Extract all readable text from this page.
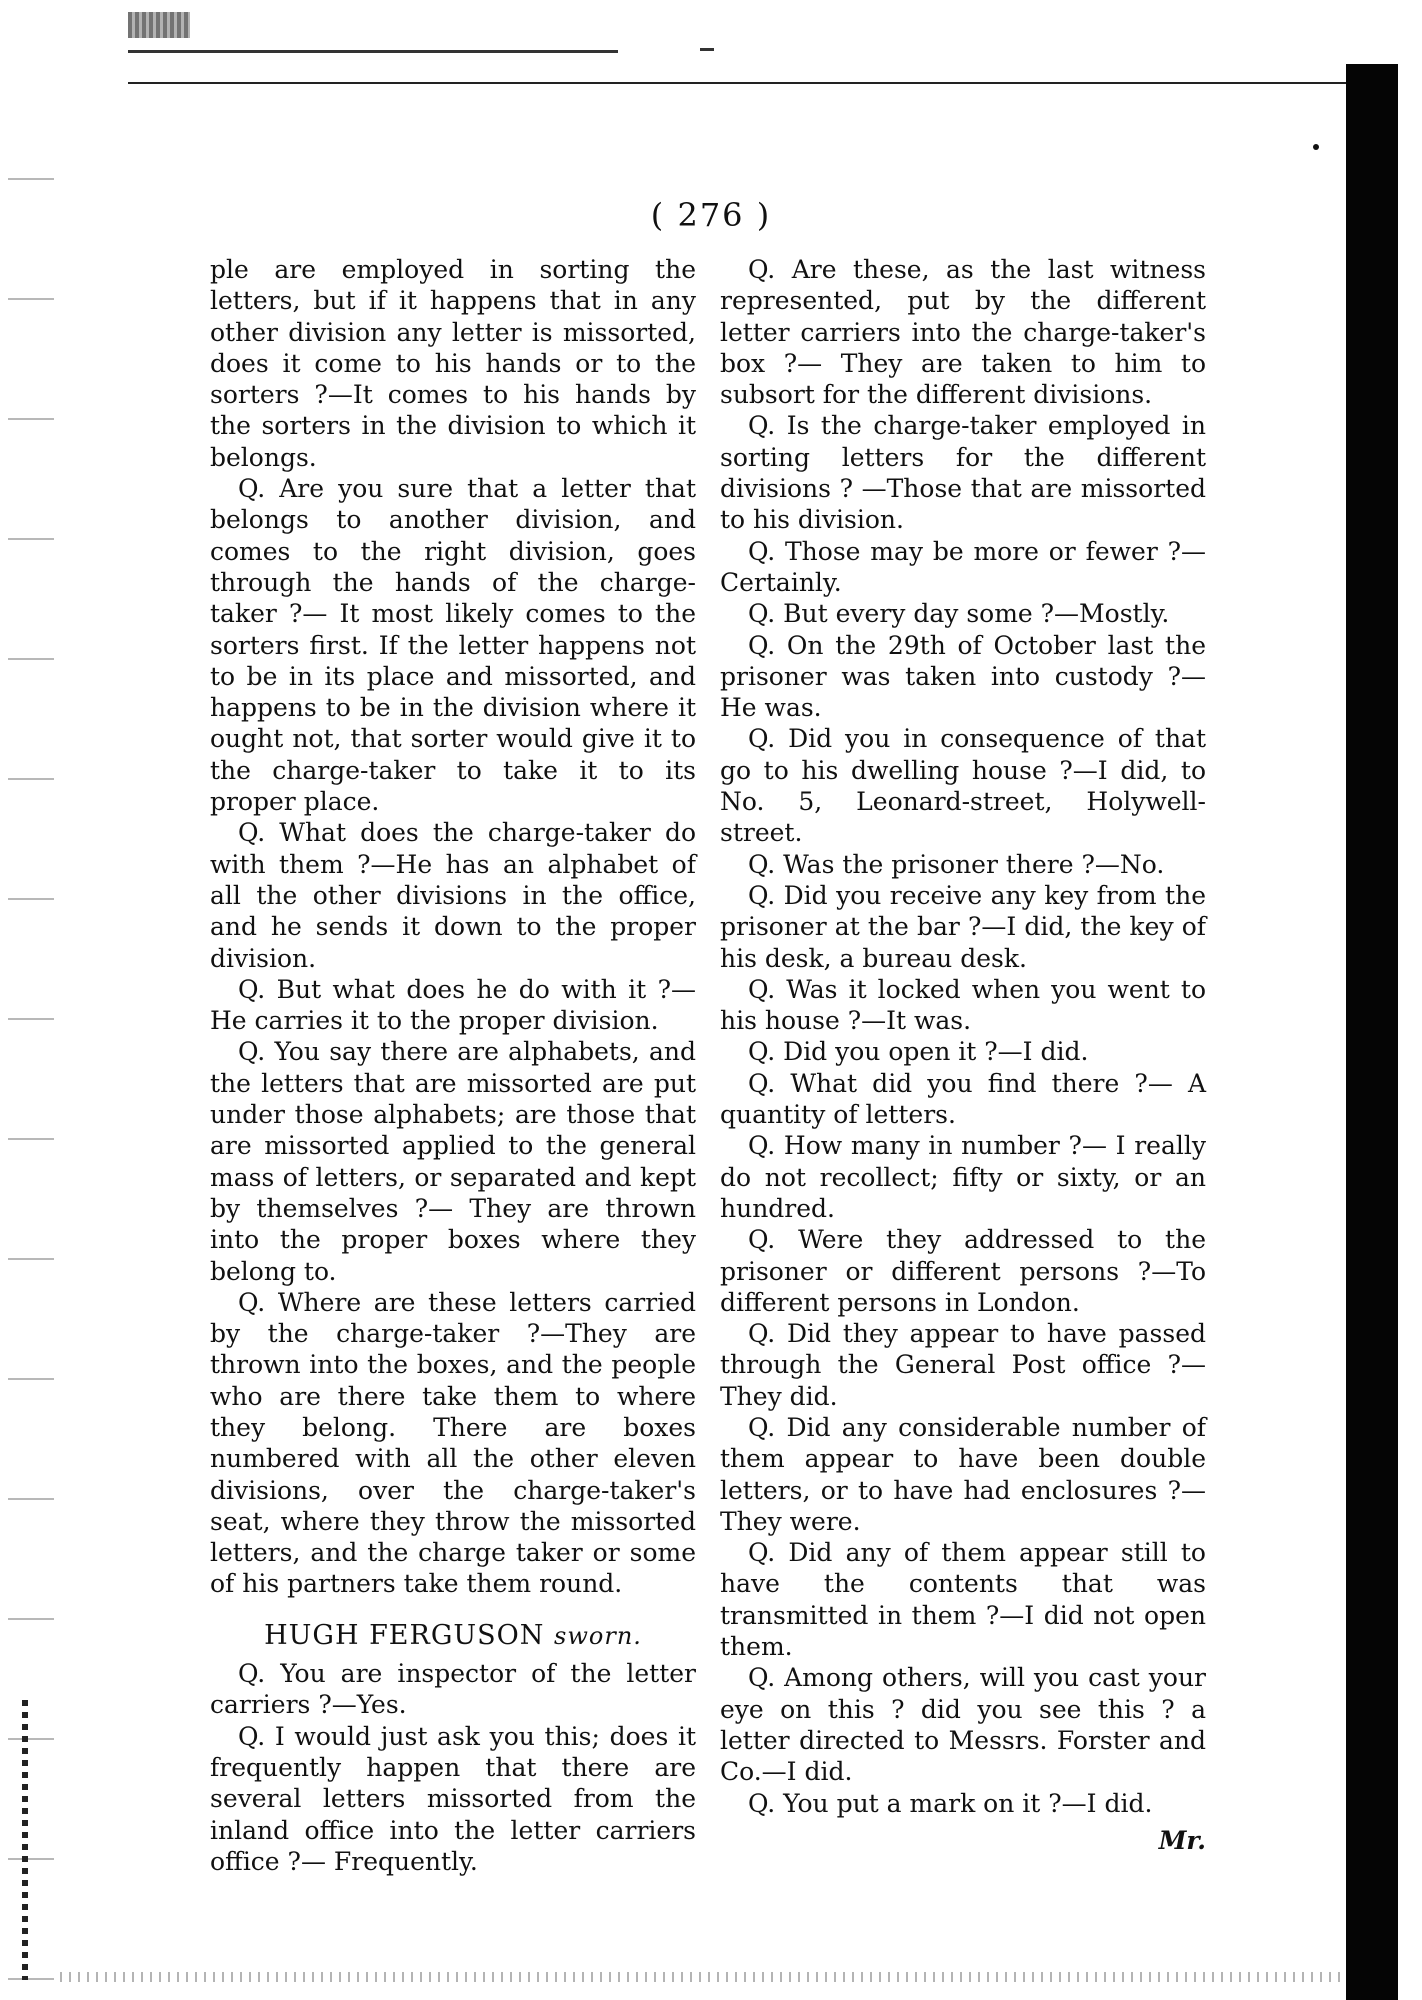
( 276 )

ple are employed in sorting the letters, but if it happens that in any other division any letter is missorted, does it come to his hands or to the sorters ?—It comes to his hands by the sorters in the division to which it belongs.

Q. Are you sure that a letter that belongs to another division, and comes to the right division, goes through the hands of the charge-taker ?— It most likely comes to the sorters first. If the letter happens not to be in its place and missorted, and happens to be in the division where it ought not, that sorter would give it to the charge-taker to take it to its proper place.

Q. What does the charge-taker do with them ?—He has an alphabet of all the other divisions in the office, and he sends it down to the proper division.

Q. But what does he do with it ?—He carries it to the proper division.

Q. You say there are alphabets, and the letters that are missorted are put under those alphabets; are those that are missorted applied to the general mass of letters, or separated and kept by themselves ?— They are thrown into the proper boxes where they belong to.

Q. Where are these letters carried by the charge-taker ?—They are thrown into the boxes, and the people who are there take them to where they belong. There are boxes numbered with all the other eleven divisions, over the charge-taker's seat, where they throw the missorted letters, and the charge taker or some of his partners take them round.

HUGH FERGUSON sworn.

Q. You are inspector of the letter carriers ?—Yes.

Q. I would just ask you this; does it frequently happen that there are several letters missorted from the inland office into the letter carriers office ?— Frequently.

Q. Are these, as the last witness represented, put by the different letter carriers into the charge-taker's box ?— They are taken to him to subsort for the different divisions.

Q. Is the charge-taker employed in sorting letters for the different divisions ? —Those that are missorted to his division.

Q. Those may be more or fewer ?— Certainly.

Q. But every day some ?—Mostly.

Q. On the 29th of October last the prisoner was taken into custody ?—He was.

Q. Did you in consequence of that go to his dwelling house ?—I did, to No. 5, Leonard-street, Holywell-street.

Q. Was the prisoner there ?—No.

Q. Did you receive any key from the prisoner at the bar ?—I did, the key of his desk, a bureau desk.

Q. Was it locked when you went to his house ?—It was.

Q. Did you open it ?—I did.

Q. What did you find there ?— A quantity of letters.

Q. How many in number ?— I really do not recollect; fifty or sixty, or an hundred.

Q. Were they addressed to the prisoner or different persons ?—To different persons in London.

Q. Did they appear to have passed through the General Post office ?—They did.

Q. Did any considerable number of them appear to have been double letters, or to have had enclosures ?—They were.

Q. Did any of them appear still to have the contents that was transmitted in them ?—I did not open them.

Q. Among others, will you cast your eye on this ? did you see this ? a letter directed to Messrs. Forster and Co.—I did.

Q. You put a mark on it ?—I did.

Mr.
